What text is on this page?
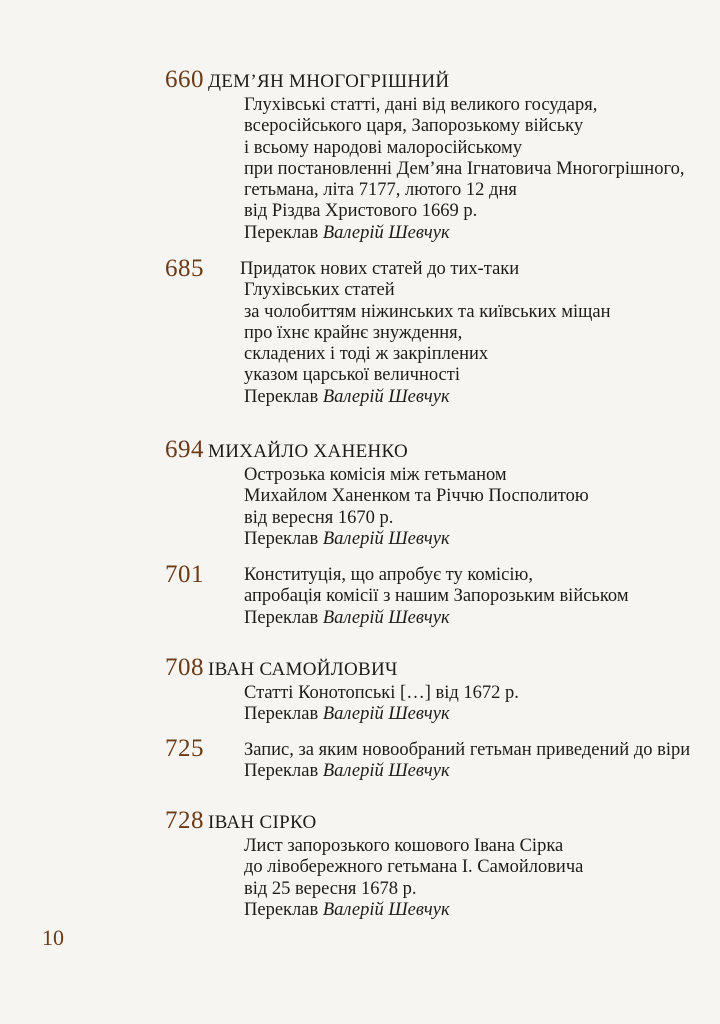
660 ДЕМ’ЯН МНОГОГРІШНИЙ
Глухівські статті, дані від великого государя,
всеросійського царя, Запорозькому війську
і всьому народові малоросійському
при постановленні Дем’яна Ігнатовича Многогрішного,
гетьмана, літа 7177, лютого 12 дня
від Різдва Христового 1669 р.
Переклав Валерій Шевчук
685	Придаток нових статей до тих-таки
Глухівських статей
за чолобиттям ніжинських та київських міщан
про їхнє крайнє знуждення,
складених і тоді ж закріплених
указом царської величності
Переклав Валерій Шевчук
694 МИХАЙЛО ХАНЕНКО
Острозька комісія між гетьманом
Михайлом Ханенком та Річчю Посполитою
від вересня 1670 р.
Переклав Валерій Шевчук
701	Конституція, що апробує ту комісію,
апробація комісії з нашим Запорозьким військом
Переклав Валерій Шевчук
708 ІВАН САМОЙЛОВИЧ
Статті Конотопські […] від 1672 р.
Переклав Валерій Шевчук
725	Запис, за яким новообраний гетьман приведений до віри
Переклав Валерій Шевчук
728 ІВАН СІРКО
Лист запорозького кошового Івана Сірка
до лівобережного гетьмана І. Самойловича
від 25 вересня 1678 р.
Переклав Валерій Шевчук
10
